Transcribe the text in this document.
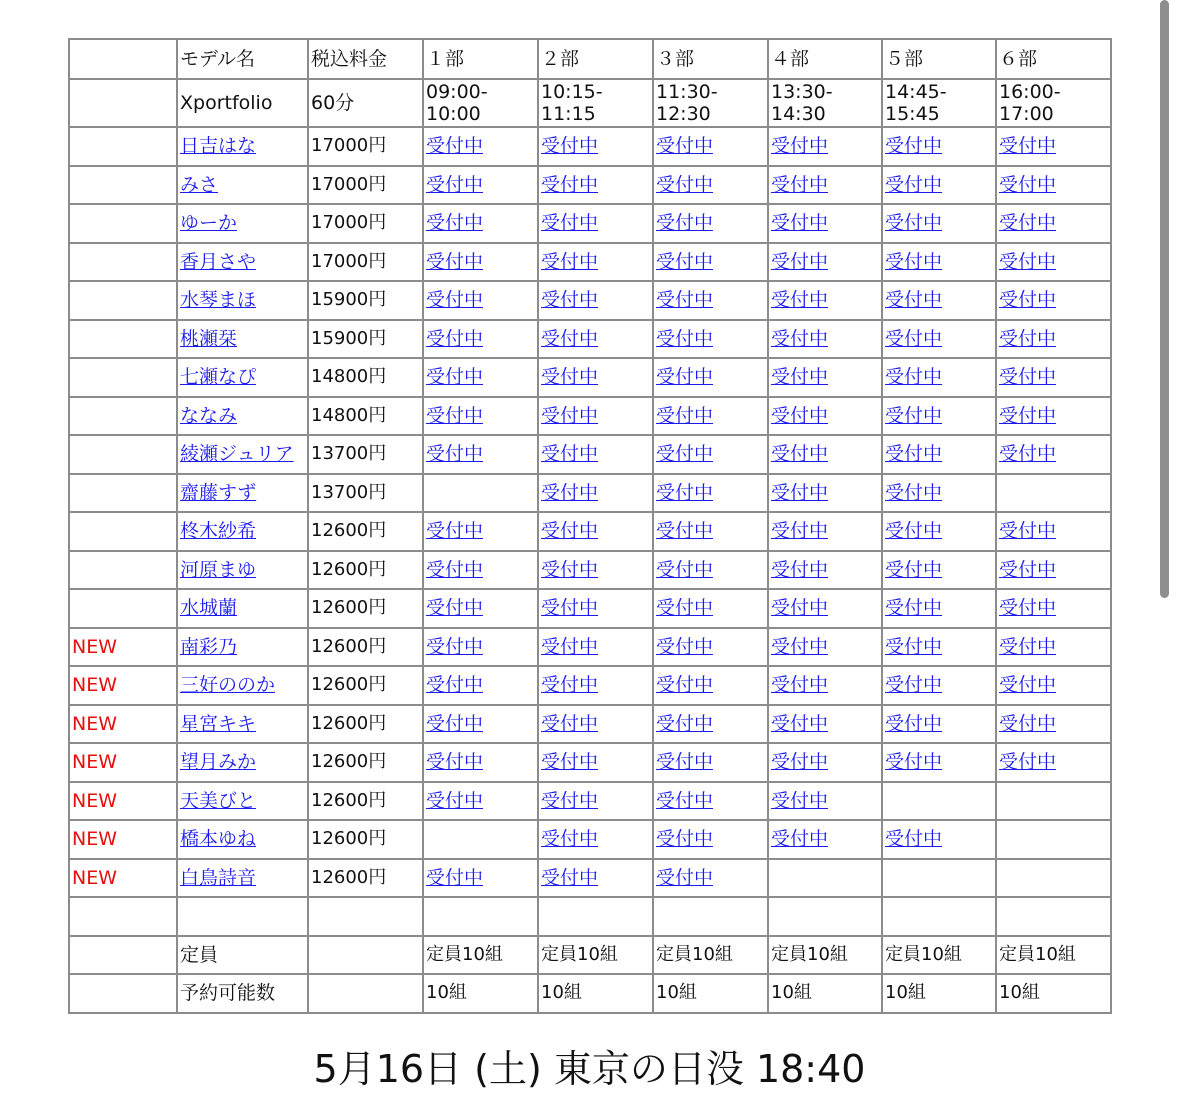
	モデル名	税込料金	１部	２部	３部	４部	５部	６部
	Xportfolio	60分	09:00-10:00	10:15-11:15	11:30-12:30	13:30-14:30	14:45-15:45	16:00-17:00
	日吉はな	17000円	受付中	受付中	受付中	受付中	受付中	受付中
	みさ	17000円	受付中	受付中	受付中	受付中	受付中	受付中
	ゆーか	17000円	受付中	受付中	受付中	受付中	受付中	受付中
	香月さや	17000円	受付中	受付中	受付中	受付中	受付中	受付中
	水琴まほ	15900円	受付中	受付中	受付中	受付中	受付中	受付中
	桃瀬栞	15900円	受付中	受付中	受付中	受付中	受付中	受付中
	七瀬なぴ	14800円	受付中	受付中	受付中	受付中	受付中	受付中
	ななみ	14800円	受付中	受付中	受付中	受付中	受付中	受付中
	綾瀬ジュリア	13700円	受付中	受付中	受付中	受付中	受付中	受付中
	齋藤すず	13700円		受付中	受付中	受付中	受付中	
	柊木紗希	12600円	受付中	受付中	受付中	受付中	受付中	受付中
	河原まゆ	12600円	受付中	受付中	受付中	受付中	受付中	受付中
	水城蘭	12600円	受付中	受付中	受付中	受付中	受付中	受付中
NEW	南彩乃	12600円	受付中	受付中	受付中	受付中	受付中	受付中
NEW	三好ののか	12600円	受付中	受付中	受付中	受付中	受付中	受付中
NEW	星宮キキ	12600円	受付中	受付中	受付中	受付中	受付中	受付中
NEW	望月みか	12600円	受付中	受付中	受付中	受付中	受付中	受付中
NEW	天美びと	12600円	受付中	受付中	受付中	受付中		
NEW	橋本ゆね	12600円		受付中	受付中	受付中	受付中	
NEW	白鳥詩音	12600円	受付中	受付中	受付中			

	定員		定員10組	定員10組	定員10組	定員10組	定員10組	定員10組
	予約可能数		10組	10組	10組	10組	10組	10組
5月16日 (土) 東京の日没 18:40
